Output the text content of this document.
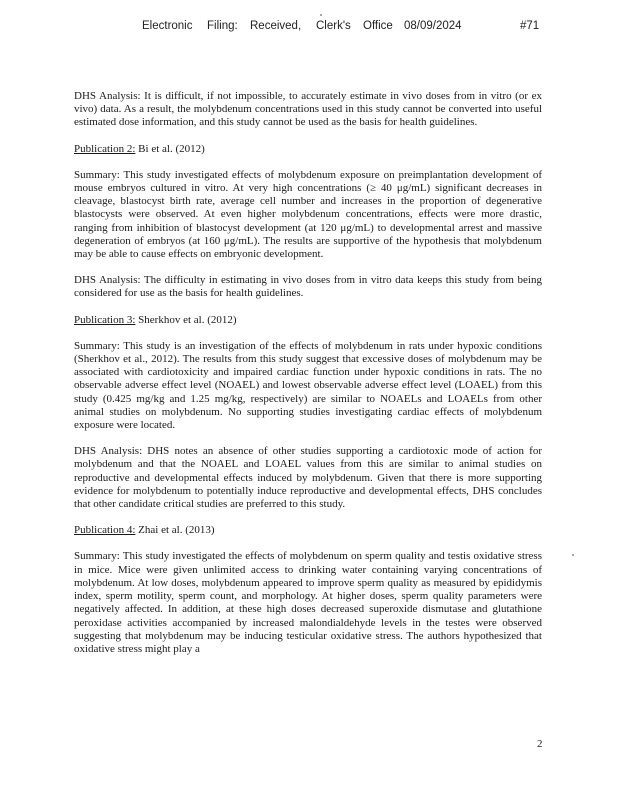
Electronic Filing: Received, Clerk's Office 08/09/2024	#71

DHS Analysis: It is difficult, if not impossible, to accurately estimate in vivo doses from in vitro (or ex vivo) data. As a result, the molybdenum concentrations used in this study cannot be converted into useful estimated dose information, and this study cannot be used as the basis for health guidelines.

Publication 2: Bi et al. (2012)

Summary: This study investigated effects of molybdenum exposure on preimplantation development of mouse embryos cultured in vitro. At very high concentrations (≥ 40 μg/mL) significant decreases in cleavage, blastocyst birth rate, average cell number and increases in the proportion of degenerative blastocysts were observed. At even higher molybdenum concentrations, effects were more drastic, ranging from inhibition of blastocyst development (at 120 μg/mL) to developmental arrest and massive degeneration of embryos (at 160 μg/mL). The results are supportive of the hypothesis that molybdenum may be able to cause effects on embryonic development.

DHS Analysis: The difficulty in estimating in vivo doses from in vitro data keeps this study from being considered for use as the basis for health guidelines.

Publication 3: Sherkhov et al. (2012)

Summary: This study is an investigation of the effects of molybdenum in rats under hypoxic conditions (Sherkhov et al., 2012). The results from this study suggest that excessive doses of molybdenum may be associated with cardiotoxicity and impaired cardiac function under hypoxic conditions in rats. The no observable adverse effect level (NOAEL) and lowest observable adverse effect level (LOAEL) from this study (0.425 mg/kg and 1.25 mg/kg, respectively) are similar to NOAELs and LOAELs from other animal studies on molybdenum. No supporting studies investigating cardiac effects of molybdenum exposure were located.

DHS Analysis: DHS notes an absence of other studies supporting a cardiotoxic mode of action for molybdenum and that the NOAEL and LOAEL values from this are similar to animal studies on reproductive and developmental effects induced by molybdenum. Given that there is more supporting evidence for molybdenum to potentially induce reproductive and developmental effects, DHS concludes that other candidate critical studies are preferred to this study.

Publication 4: Zhai et al. (2013)

Summary: This study investigated the effects of molybdenum on sperm quality and testis oxidative stress in mice. Mice were given unlimited access to drinking water containing varying concentrations of molybdenum. At low doses, molybdenum appeared to improve sperm quality as measured by epididymis index, sperm motility, sperm count, and morphology. At higher doses, sperm quality parameters were negatively affected. In addition, at these high doses decreased superoxide dismutase and glutathione peroxidase activities accompanied by increased malondialdehyde levels in the testes were observed suggesting that molybdenum may be inducing testicular oxidative stress. The authors hypothesized that oxidative stress might play a

2
